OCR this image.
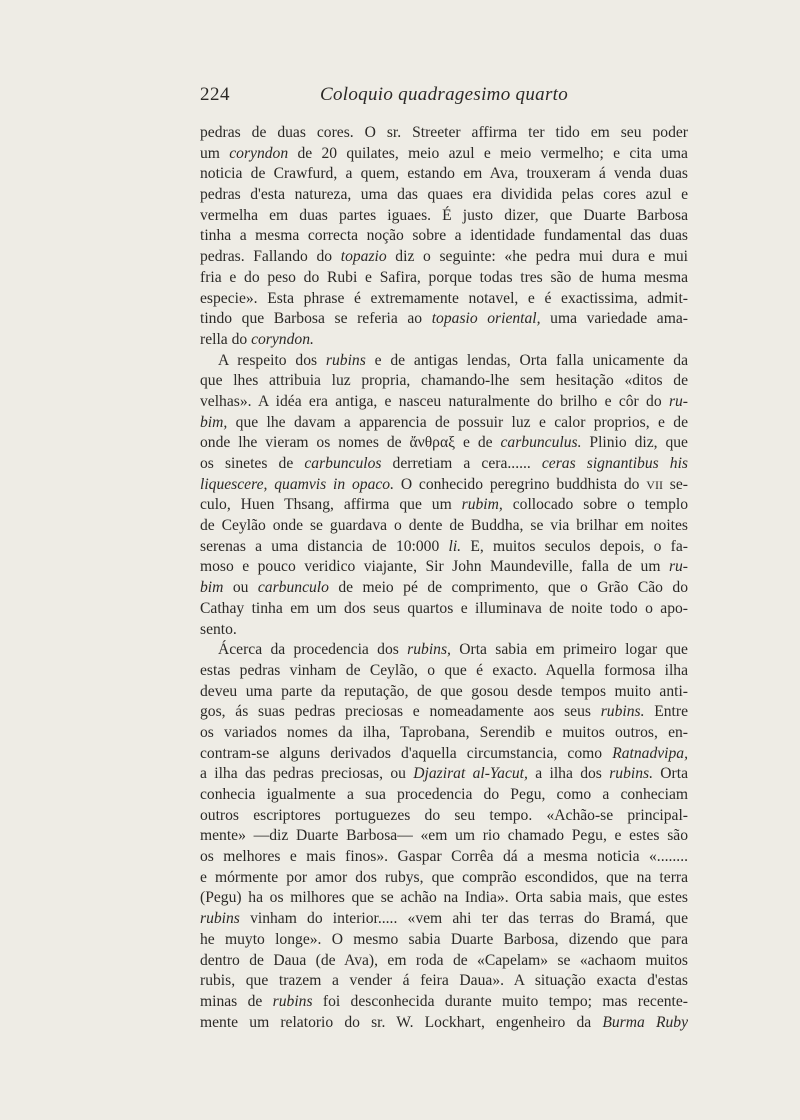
224	Coloquio quadragesimo quarto
pedras de duas cores. O sr. Streeter affirma ter tido em seu poder
um coryndon de 20 quilates, meio azul e meio vermelho; e cita uma
noticia de Crawfurd, a quem, estando em Ava, trouxeram á venda duas
pedras d'esta natureza, uma das quaes era dividida pelas cores azul e
vermelha em duas partes iguaes. É justo dizer, que Duarte Barbosa
tinha a mesma correcta noção sobre a identidade fundamental das duas
pedras. Fallando do topazio diz o seguinte: «he pedra mui dura e mui
fria e do peso do Rubi e Safira, porque todas tres são de huma mesma
especie». Esta phrase é extremamente notavel, e é exactissima, admit-
tindo que Barbosa se referia ao topasio oriental, uma variedade ama-
rella do coryndon.
A respeito dos rubins e de antigas lendas, Orta falla unicamente da
que lhes attribuia luz propria, chamando-lhe sem hesitação «ditos de
velhas». A idéa era antiga, e nasceu naturalmente do brilho e côr do ru-
bim, que lhe davam a apparencia de possuir luz e calor proprios, e de
onde lhe vieram os nomes de ἄνθραξ e de carbunculus. Plinio diz, que
os sinetes de carbunculos derretiam a cera...... ceras signantibus his
liquescere, quamvis in opaco. O conhecido peregrino buddhista do VII se-
culo, Huen Thsang, affirma que um rubim, collocado sobre o templo
de Ceylão onde se guardava o dente de Buddha, se via brilhar em noites
serenas a uma distancia de 10:000 li. E, muitos seculos depois, o fa-
moso e pouco veridico viajante, Sir John Maundeville, falla de um ru-
bim ou carbunculo de meio pé de comprimento, que o Grão Cão do
Cathay tinha em um dos seus quartos e illuminava de noite todo o apo-
sento.
Ácerca da procedencia dos rubins, Orta sabia em primeiro logar que
estas pedras vinham de Ceylão, o que é exacto. Aquella formosa ilha
deveu uma parte da reputação, de que gosou desde tempos muito anti-
gos, ás suas pedras preciosas e nomeadamente aos seus rubins. Entre
os variados nomes da ilha, Taprobana, Serendib e muitos outros, en-
contram-se alguns derivados d'aquella circumstancia, como Ratnadvipa,
a ilha das pedras preciosas, ou Djazirat al-Yacut, a ilha dos rubins. Orta
conhecia igualmente a sua procedencia do Pegu, como a conheciam
outros escriptores portuguezes do seu tempo. «Achão-se principal-
mente» —diz Duarte Barbosa— «em um rio chamado Pegu, e estes são
os melhores e mais finos». Gaspar Corrêa dá a mesma noticia «........
e mórmente por amor dos rubys, que comprão escondidos, que na terra
(Pegu) ha os milhores que se achão na India». Orta sabia mais, que estes
rubins vinham do interior..... «vem ahi ter das terras do Bramá, que
he muyto longe». O mesmo sabia Duarte Barbosa, dizendo que para
dentro de Daua (de Ava), em roda de «Capelam» se «achaom muitos
rubis, que trazem a vender á feira Daua». A situação exacta d'estas
minas de rubins foi desconhecida durante muito tempo; mas recente-
mente um relatorio do sr. W. Lockhart, engenheiro da Burma Ruby
